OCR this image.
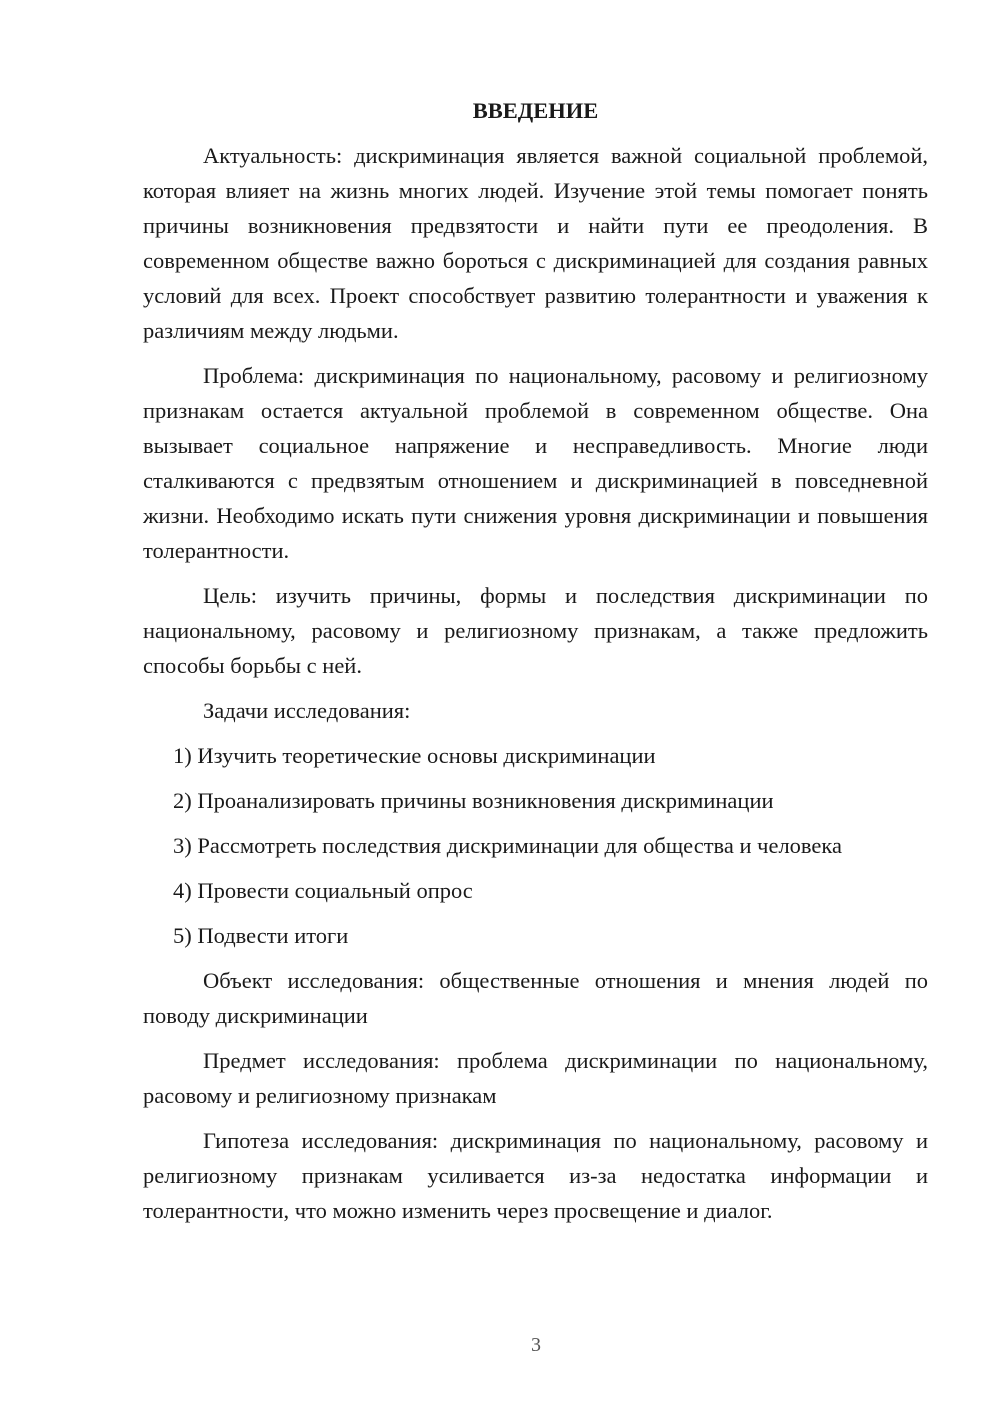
ВВЕДЕНИЕ

Актуальность: дискриминация является важной социальной проблемой, которая влияет на жизнь многих людей. Изучение этой темы помогает понять причины возникновения предвзятости и найти пути ее преодоления. В современном обществе важно бороться с дискриминацией для создания равных условий для всех. Проект способствует развитию толерантности и уважения к различиям между людьми.

Проблема: дискриминация по национальному, расовому и религиозному признакам остается актуальной проблемой в современном обществе. Она вызывает социальное напряжение и несправедливость. Многие люди сталкиваются с предвзятым отношением и дискриминацией в повседневной жизни. Необходимо искать пути снижения уровня дискриминации и повышения толерантности.

Цель: изучить причины, формы и последствия дискриминации по национальному, расовому и религиозному признакам, а также предложить способы борьбы с ней.

Задачи исследования:

1) Изучить теоретические основы дискриминации
2) Проанализировать причины возникновения дискриминации
3) Рассмотреть последствия дискриминации для общества и человека
4) Провести социальный опрос
5) Подвести итоги

Объект исследования: общественные отношения и мнения людей по поводу дискриминации

Предмет исследования: проблема дискриминации по национальному, расовому и религиозному признакам

Гипотеза исследования: дискриминация по национальному, расовому и религиозному признакам усиливается из-за недостатка информации и толерантности, что можно изменить через просвещение и диалог.

3
